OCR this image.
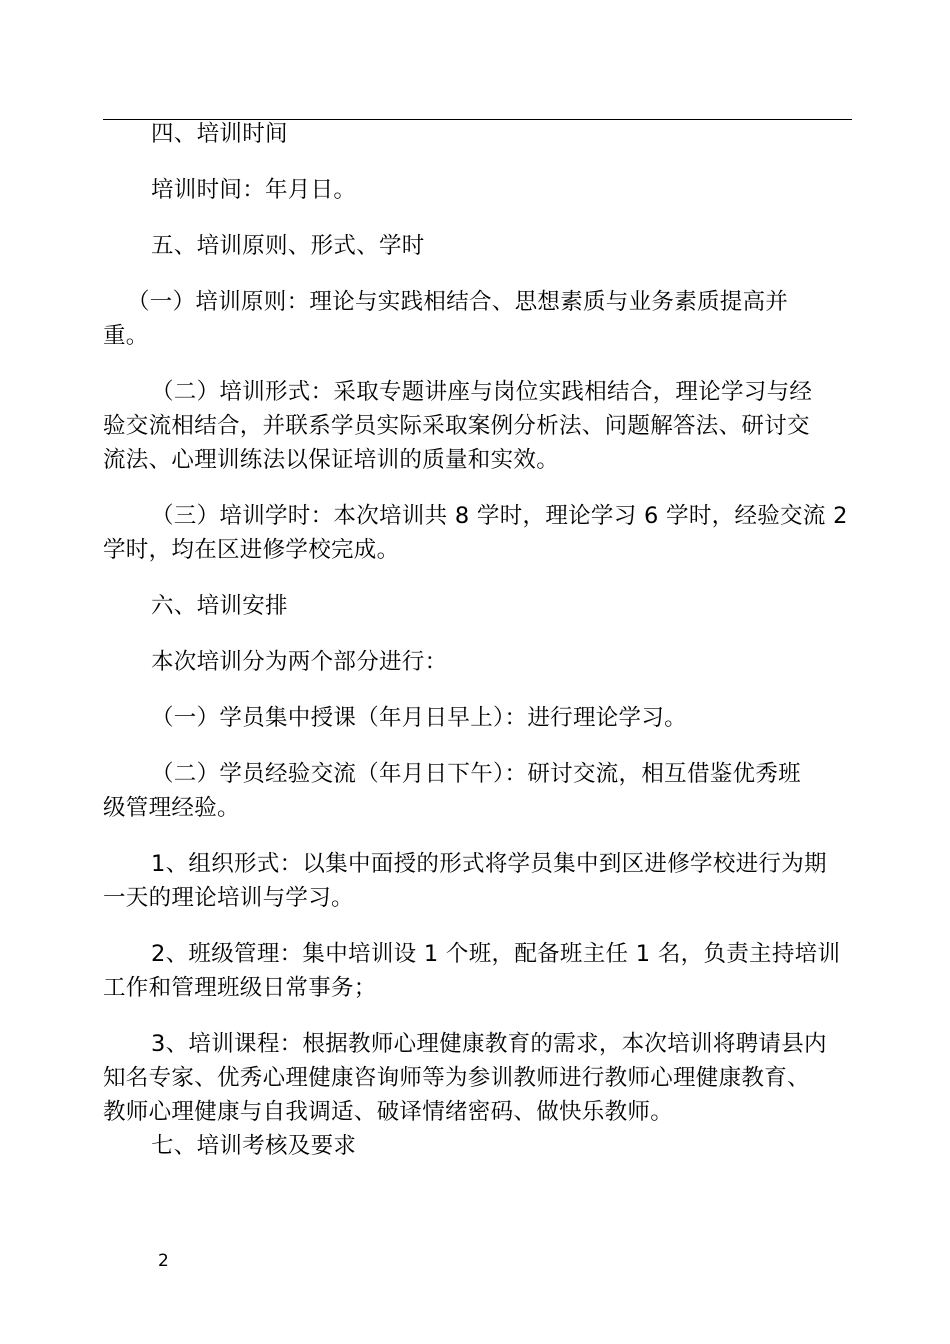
四、培训时间
培训时间：年月日。
五、培训原则、形式、学时
（一）培训原则：理论与实践相结合、思想素质与业务素质提高并
重。
（二）培训形式：采取专题讲座与岗位实践相结合，理论学习与经
验交流相结合，并联系学员实际采取案例分析法、问题解答法、研讨交
流法、心理训练法以保证培训的质量和实效。
（三）培训学时：本次培训共 8 学时，理论学习 6 学时，经验交流 2
学时，均在区进修学校完成。
六、培训安排
本次培训分为两个部分进行：
（一）学员集中授课（年月日早上）：进行理论学习。
（二）学员经验交流（年月日下午）：研讨交流，相互借鉴优秀班
级管理经验。
1、组织形式：以集中面授的形式将学员集中到区进修学校进行为期
一天的理论培训与学习。
2、班级管理：集中培训设 1 个班，配备班主任 1 名，负责主持培训
工作和管理班级日常事务；
3、培训课程：根据教师心理健康教育的需求，本次培训将聘请县内
知名专家、优秀心理健康咨询师等为参训教师进行教师心理健康教育、
教师心理健康与自我调适、破译情绪密码、做快乐教师。
七、培训考核及要求
2
